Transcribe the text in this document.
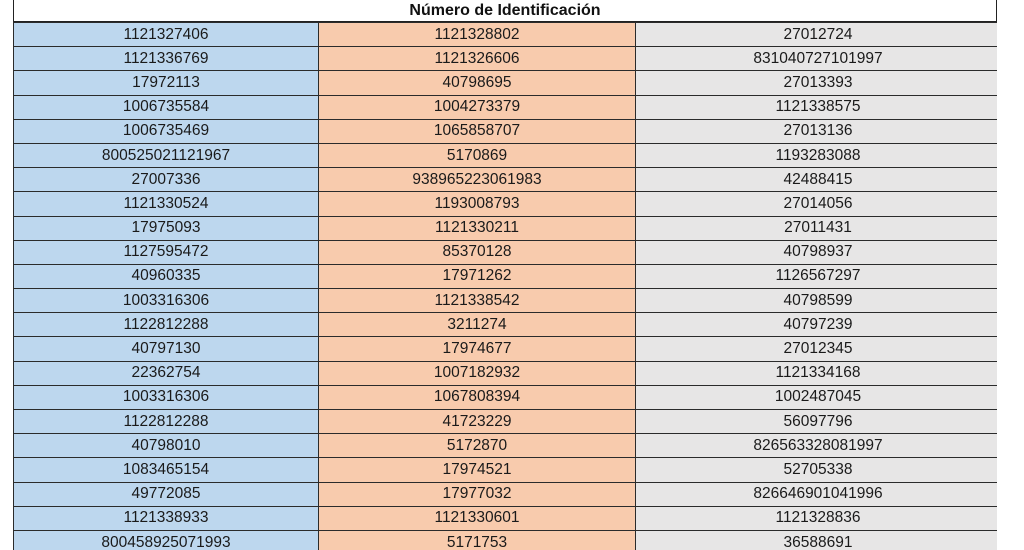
Número de Identificación
1121327406	1121328802	27012724
1121336769	1121326606	831040727101997
17972113	40798695	27013393
1006735584	1004273379	1121338575
1006735469	1065858707	27013136
800525021121967	5170869	1193283088
27007336	938965223061983	42488415
1121330524	1193008793	27014056
17975093	1121330211	27011431
1127595472	85370128	40798937
40960335	17971262	1126567297
1003316306	1121338542	40798599
1122812288	3211274	40797239
40797130	17974677	27012345
22362754	1007182932	1121334168
1003316306	1067808394	1002487045
1122812288	41723229	56097796
40798010	5172870	826563328081997
1083465154	17974521	52705338
49772085	17977032	826646901041996
1121338933	1121330601	1121328836
800458925071993	5171753	36588691
